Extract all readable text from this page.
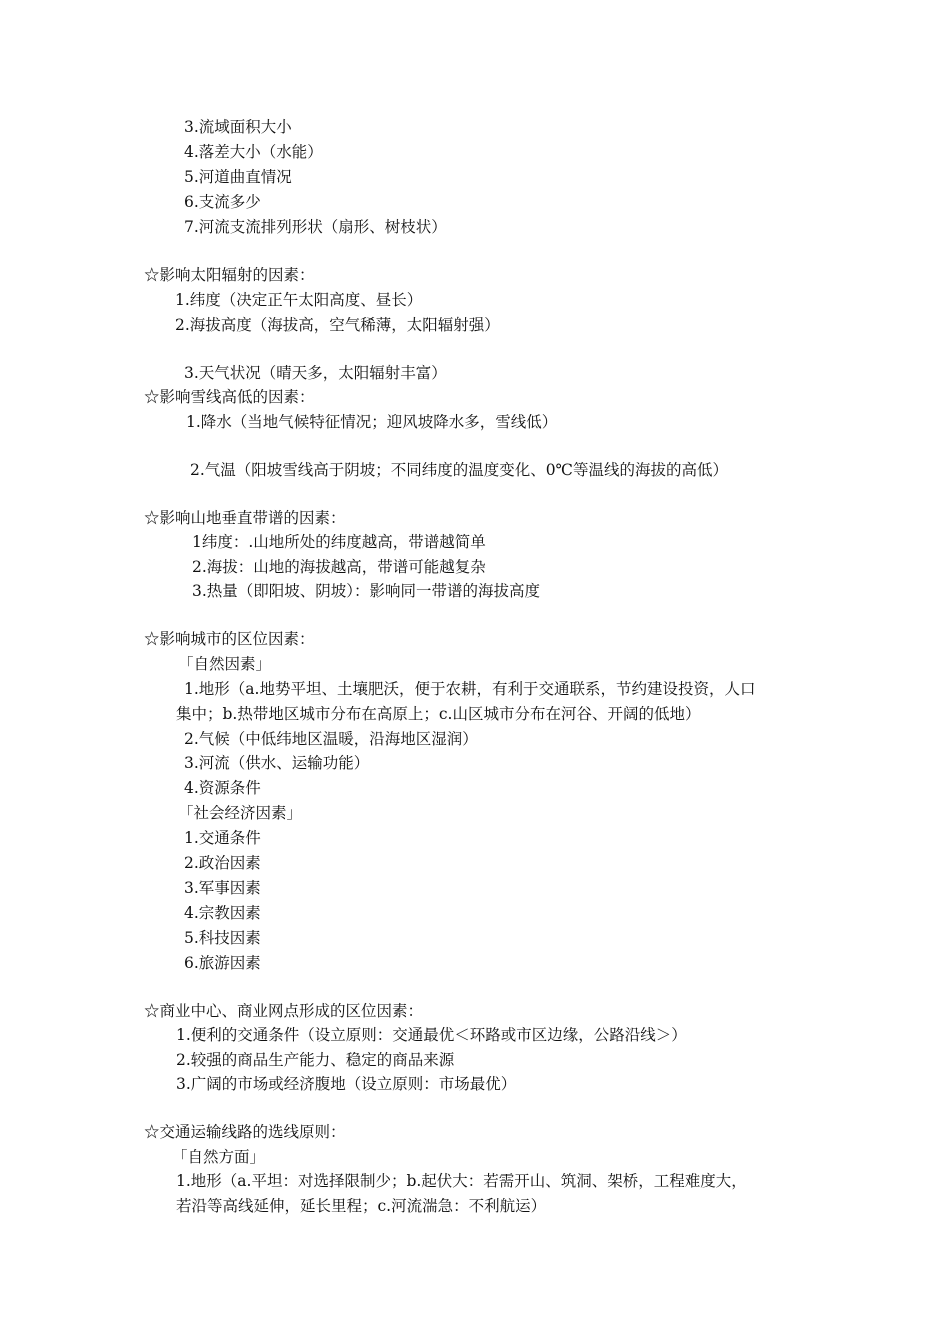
3.流域面积大小
4.落差大小（水能）
5.河道曲直情况
6.支流多少
7.河流支流排列形状（扇形、树枝状）
☆影响太阳辐射的因素：
1.纬度（决定正午太阳高度、昼长）
2.海拔高度（海拔高，空气稀薄，太阳辐射强）
3.天气状况（晴天多，太阳辐射丰富）
☆影响雪线高低的因素：
1.降水（当地气候特征情况；迎风坡降水多，雪线低）
2.气温（阳坡雪线高于阴坡；不同纬度的温度变化、0℃等温线的海拔的高低）
☆影响山地垂直带谱的因素：
1纬度：.山地所处的纬度越高，带谱越简单
2.海拔：山地的海拔越高，带谱可能越复杂
3.热量（即阳坡、阴坡）：影响同一带谱的海拔高度
☆影响城市的区位因素：
「自然因素」
1.地形（a.地势平坦、土壤肥沃，便于农耕，有利于交通联系，节约建设投资，人口
集中；b.热带地区城市分布在高原上；c.山区城市分布在河谷、开阔的低地）
2.气候（中低纬地区温暖，沿海地区湿润）
3.河流（供水、运输功能）
4.资源条件
「社会经济因素」
1.交通条件
2.政治因素
3.军事因素
4.宗教因素
5.科技因素
6.旅游因素
☆商业中心、商业网点形成的区位因素：
1.便利的交通条件（设立原则：交通最优＜环路或市区边缘，公路沿线＞）
2.较强的商品生产能力、稳定的商品来源
3.广阔的市场或经济腹地（设立原则：市场最优）
☆交通运输线路的选线原则：
「自然方面」
1.地形（a.平坦：对选择限制少；b.起伏大：若需开山、筑洞、架桥，工程难度大，
若沿等高线延伸，延长里程；c.河流湍急：不利航运）
